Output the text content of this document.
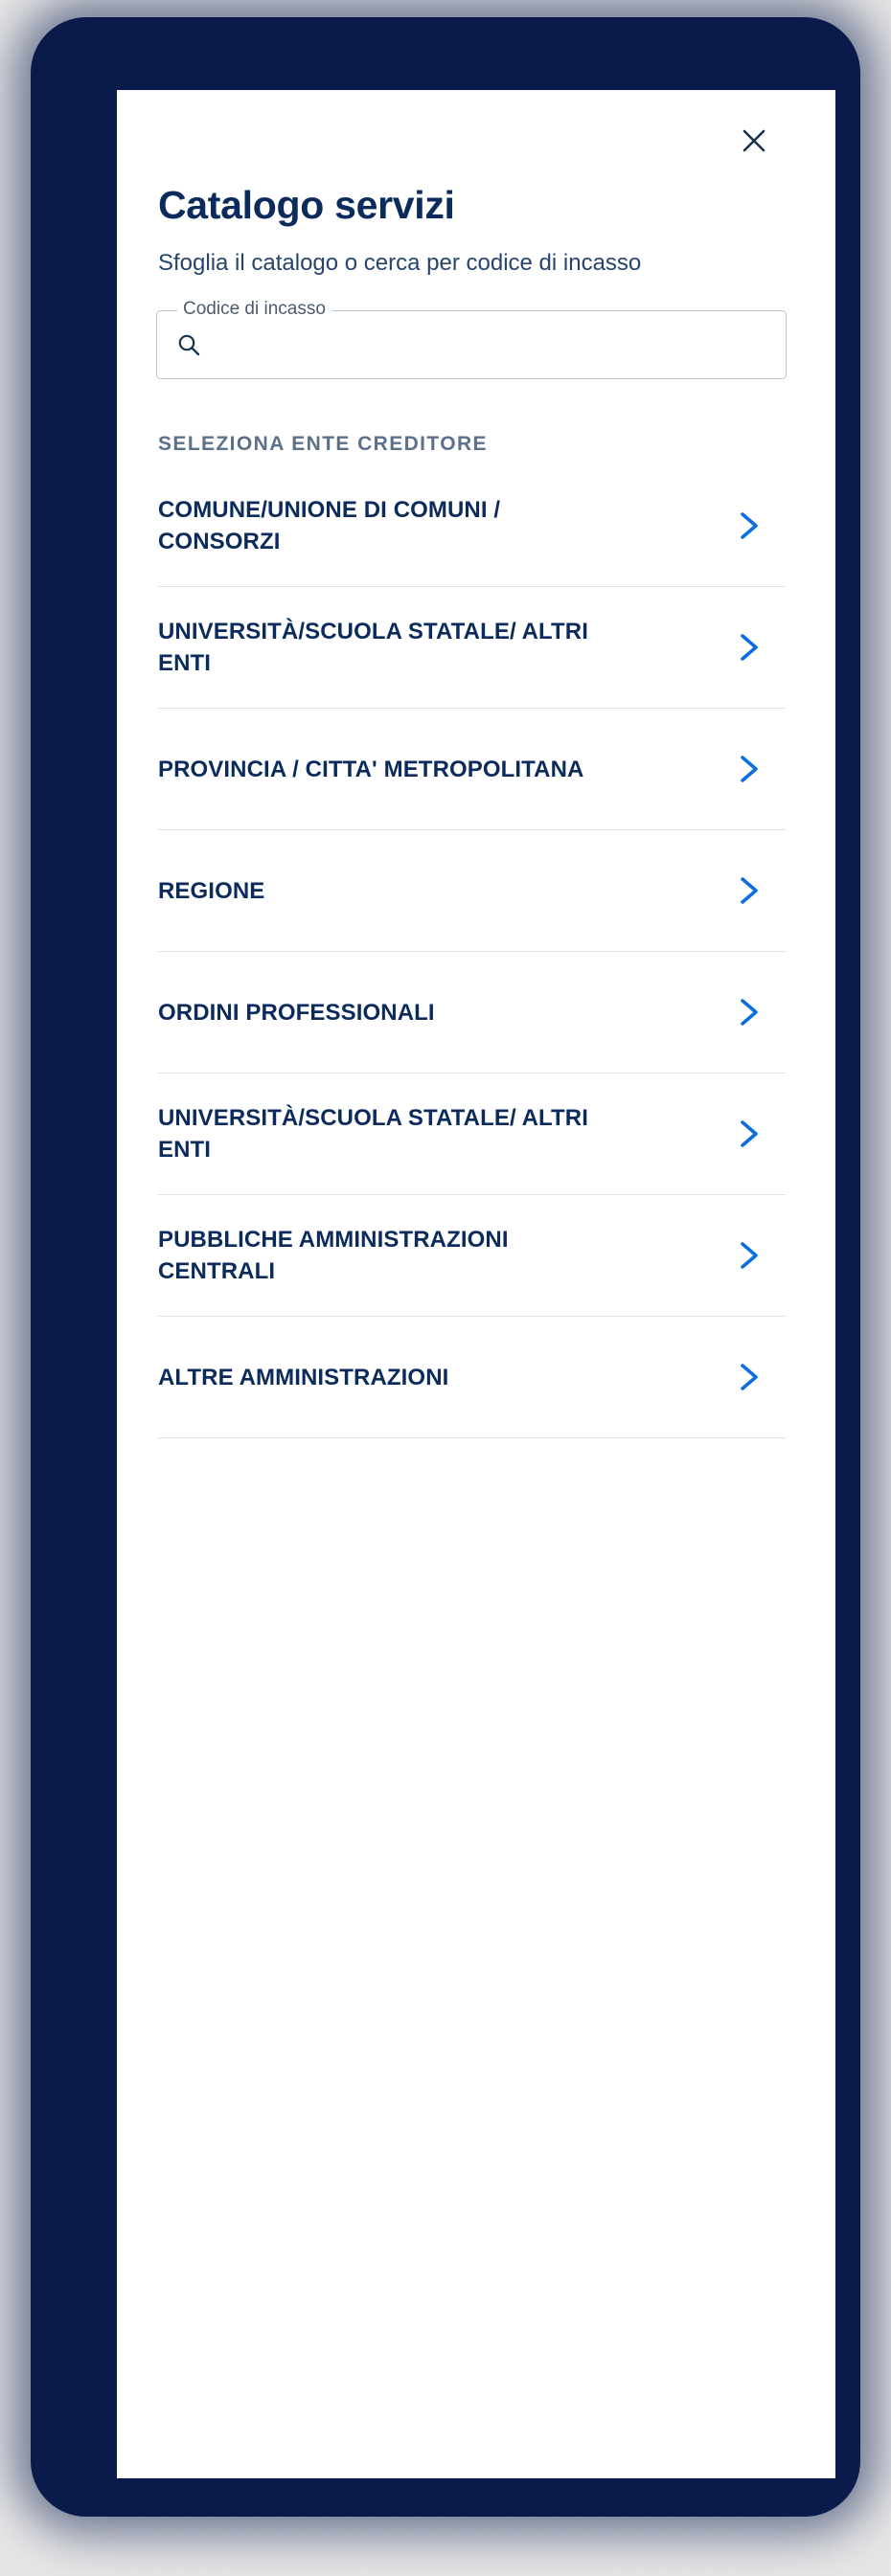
Catalogo servizi

Sfoglia il catalogo o cerca per codice di incasso

Codice di incasso
SELEZIONA ENTE CREDITORE
COMUNE/UNIONE DI COMUNI / CONSORZI
UNIVERSITÀ/SCUOLA STATALE/ ALTRI ENTI
PROVINCIA / CITTA' METROPOLITANA
REGIONE
ORDINI PROFESSIONALI
UNIVERSITÀ/SCUOLA STATALE/ ALTRI ENTI
PUBBLICHE AMMINISTRAZIONI CENTRALI
ALTRE AMMINISTRAZIONI
